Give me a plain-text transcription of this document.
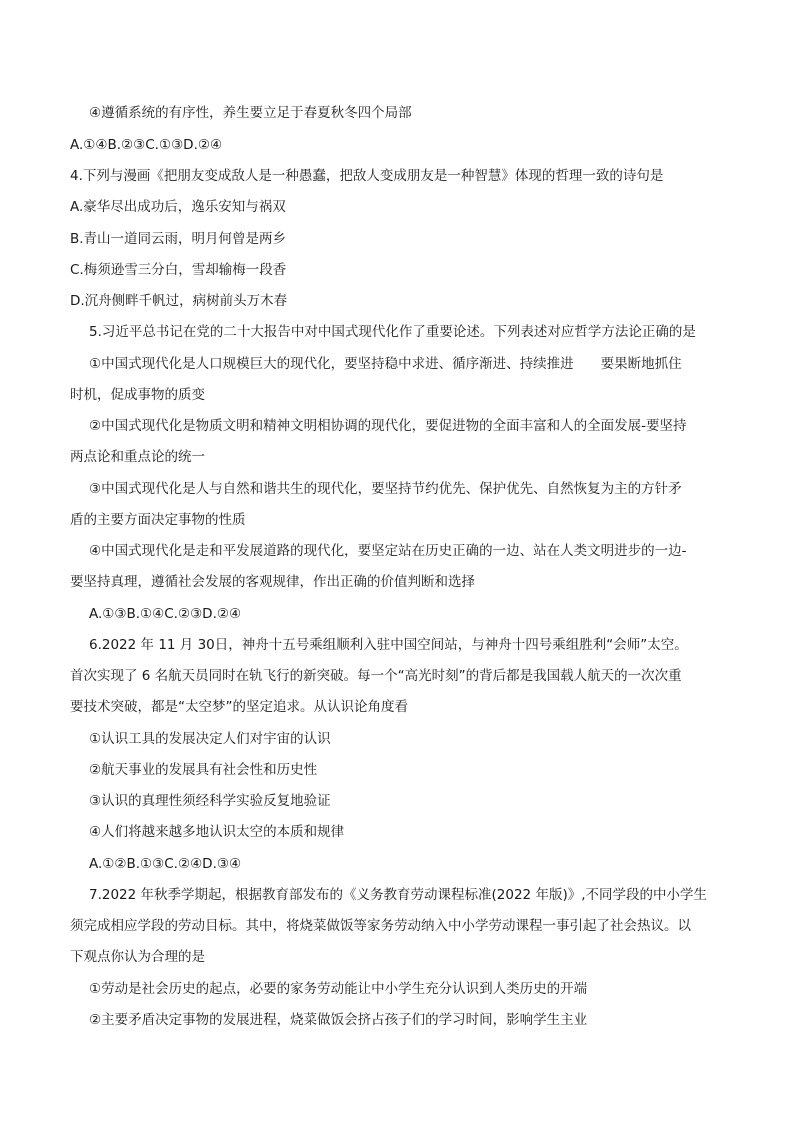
④遵循系统的有序性，养生要立足于春夏秋冬四个局部
A.①④B.②③C.①③D.②④
4.下列与漫画《把朋友变成敌人是一种愚蠢，把敌人变成朋友是一种智慧》体现的哲理一致的诗句是
A.豪华尽出成功后，逸乐安知与祸双
B.青山一道同云雨，明月何曾是两乡
C.梅须逊雪三分白，雪却输梅一段香
D.沉舟侧畔千帆过，病树前头万木春
5.习近平总书记在党的二十大报告中对中国式现代化作了重要论述。下列表述对应哲学方法论正确的是
①中国式现代化是人口规模巨大的现代化，要坚持稳中求进、循序渐进、持续推进　　要果断地抓住
时机，促成事物的质变
②中国式现代化是物质文明和精神文明相协调的现代化，要促进物的全面丰富和人的全面发展-要坚持
两点论和重点论的统一
③中国式现代化是人与自然和谐共生的现代化，要坚持节约优先、保护优先、自然恢复为主的方针矛
盾的主要方面决定事物的性质
④中国式现代化是走和平发展道路的现代化，要坚定站在历史正确的一边、站在人类文明进步的一边-
要坚持真理，遵循社会发展的客观规律，作出正确的价值判断和选择
A.①③B.①④C.②③D.②④
6.2022 年 11 月 30日，神舟十五号乘组顺利入驻中国空间站，与神舟十四号乘组胜利“会师”太空。
首次实现了 6 名航天员同时在轨飞行的新突破。每一个“高光时刻”的背后都是我国载人航天的一次次重
要技术突破，都是“太空梦”的坚定追求。从认识论角度看
①认识工具的发展决定人们对宇宙的认识
②航天事业的发展具有社会性和历史性
③认识的真理性须经科学实验反复地验证
④人们将越来越多地认识太空的本质和规律
A.①②B.①③C.②④D.③④
7.2022 年秋季学期起，根据教育部发布的《义务教育劳动课程标准(2022 年版)》,不同学段的中小学生
须完成相应学段的劳动目标。其中，将烧菜做饭等家务劳动纳入中小学劳动课程一事引起了社会热议。以
下观点你认为合理的是
①劳动是社会历史的起点，必要的家务劳动能让中小学生充分认识到人类历史的开端
②主要矛盾决定事物的发展进程，烧菜做饭会挤占孩子们的学习时间，影响学生主业
